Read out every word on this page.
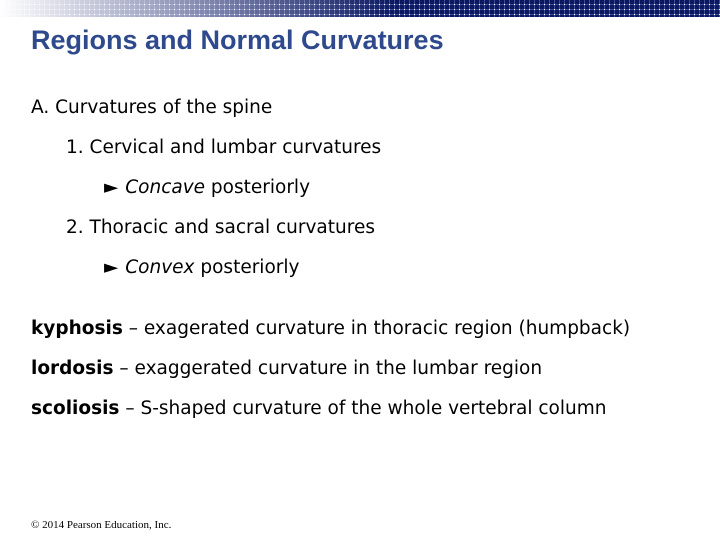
Regions and Normal Curvatures
A. Curvatures of the spine
1. Cervical and lumbar curvatures
► Concave posteriorly
2. Thoracic and sacral curvatures
► Convex posteriorly
kyphosis – exagerated curvature in thoracic region (humpback)
lordosis – exaggerated curvature in the lumbar region
scoliosis – S-shaped curvature of the whole vertebral column
© 2014 Pearson Education, Inc.
